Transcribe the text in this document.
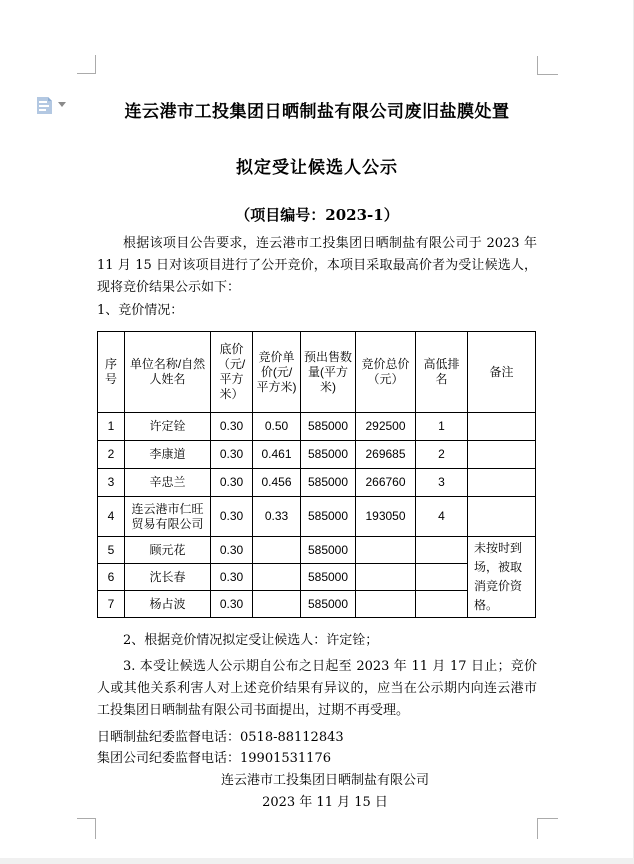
连云港市工投集团日晒制盐有限公司废旧盐膜处置
拟定受让候选人公示
（项目编号：2023-1）
根据该项目公告要求，连云港市工投集团日晒制盐有限公司于 2023 年 11 月 15 日对该项目进行了公开竞价，本项目采取最高价者为受让候选人，现将竞价结果公示如下：
1、竞价情况：
序号	单位名称/自然人姓名	底价（元/平方米）	竞价单价(元/平方米)	预出售数量(平方米)	竞价总价（元）	高低排名	备注
1	许定铨	0.30	0.50	585000	292500	1	
2	李康道	0.30	0.461	585000	269685	2	
3	辛忠兰	0.30	0.456	585000	266760	3	
4	连云港市仁旺贸易有限公司	0.30	0.33	585000	193050	4	
5	顾元花	0.30		585000			未按时到场，被取消竞价资格。
6	沈长春	0.30		585000			
7	杨占波	0.30		585000			
2、根据竞价情况拟定受让候选人：许定铨；
3. 本受让候选人公示期自公布之日起至 2023 年 11 月 17 日止；竞价人或其他关系利害人对上述竞价结果有异议的，应当在公示期内向连云港市工投集团日晒制盐有限公司书面提出，过期不再受理。
日晒制盐纪委监督电话：0518-88112843
集团公司纪委监督电话：19901531176
连云港市工投集团日晒制盐有限公司
2023 年 11 月 15 日
